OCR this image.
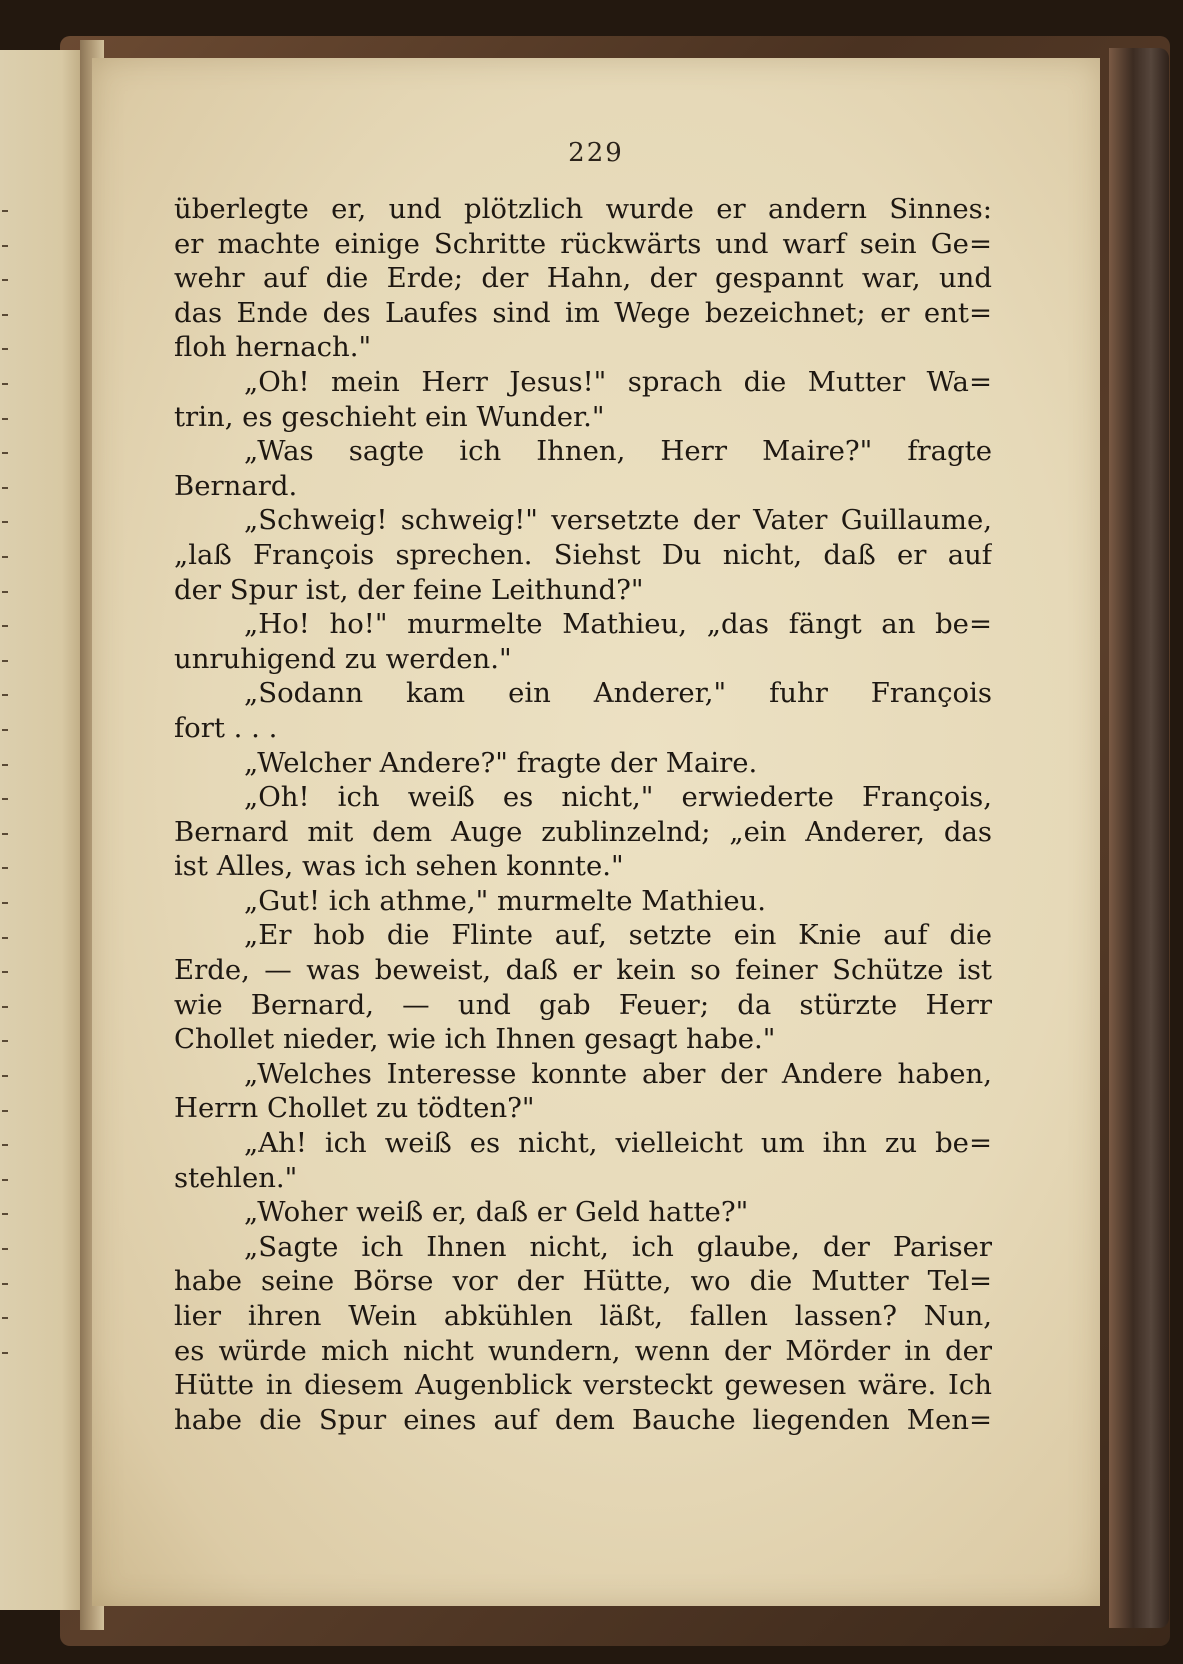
229
überlegte er, und plötzlich wurde er andern Sinnes:
er machte einige Schritte rückwärts und warf sein Ge=
wehr auf die Erde; der Hahn, der gespannt war, und
das Ende des Laufes sind im Wege bezeichnet; er ent=
floh hernach."
„Oh! mein Herr Jesus!" sprach die Mutter Wa=
trin, es geschieht ein Wunder."
„Was sagte ich Ihnen, Herr Maire?" fragte
Bernard.
„Schweig! schweig!" versetzte der Vater Guillaume,
„laß François sprechen. Siehst Du nicht, daß er auf
der Spur ist, der feine Leithund?"
„Ho! ho!" murmelte Mathieu, „das fängt an be=
unruhigend zu werden."
„Sodann kam ein Anderer," fuhr François
fort . . .
„Welcher Andere?" fragte der Maire.
„Oh! ich weiß es nicht," erwiederte François,
Bernard mit dem Auge zublinzelnd; „ein Anderer, das
ist Alles, was ich sehen konnte."
„Gut! ich athme," murmelte Mathieu.
„Er hob die Flinte auf, setzte ein Knie auf die
Erde, — was beweist, daß er kein so feiner Schütze ist
wie Bernard, — und gab Feuer; da stürzte Herr
Chollet nieder, wie ich Ihnen gesagt habe."
„Welches Interesse konnte aber der Andere haben,
Herrn Chollet zu tödten?"
„Ah! ich weiß es nicht, vielleicht um ihn zu be=
stehlen."
„Woher weiß er, daß er Geld hatte?"
„Sagte ich Ihnen nicht, ich glaube, der Pariser
habe seine Börse vor der Hütte, wo die Mutter Tel=
lier ihren Wein abkühlen läßt, fallen lassen? Nun,
es würde mich nicht wundern, wenn der Mörder in der
Hütte in diesem Augenblick versteckt gewesen wäre. Ich
habe die Spur eines auf dem Bauche liegenden Men=
